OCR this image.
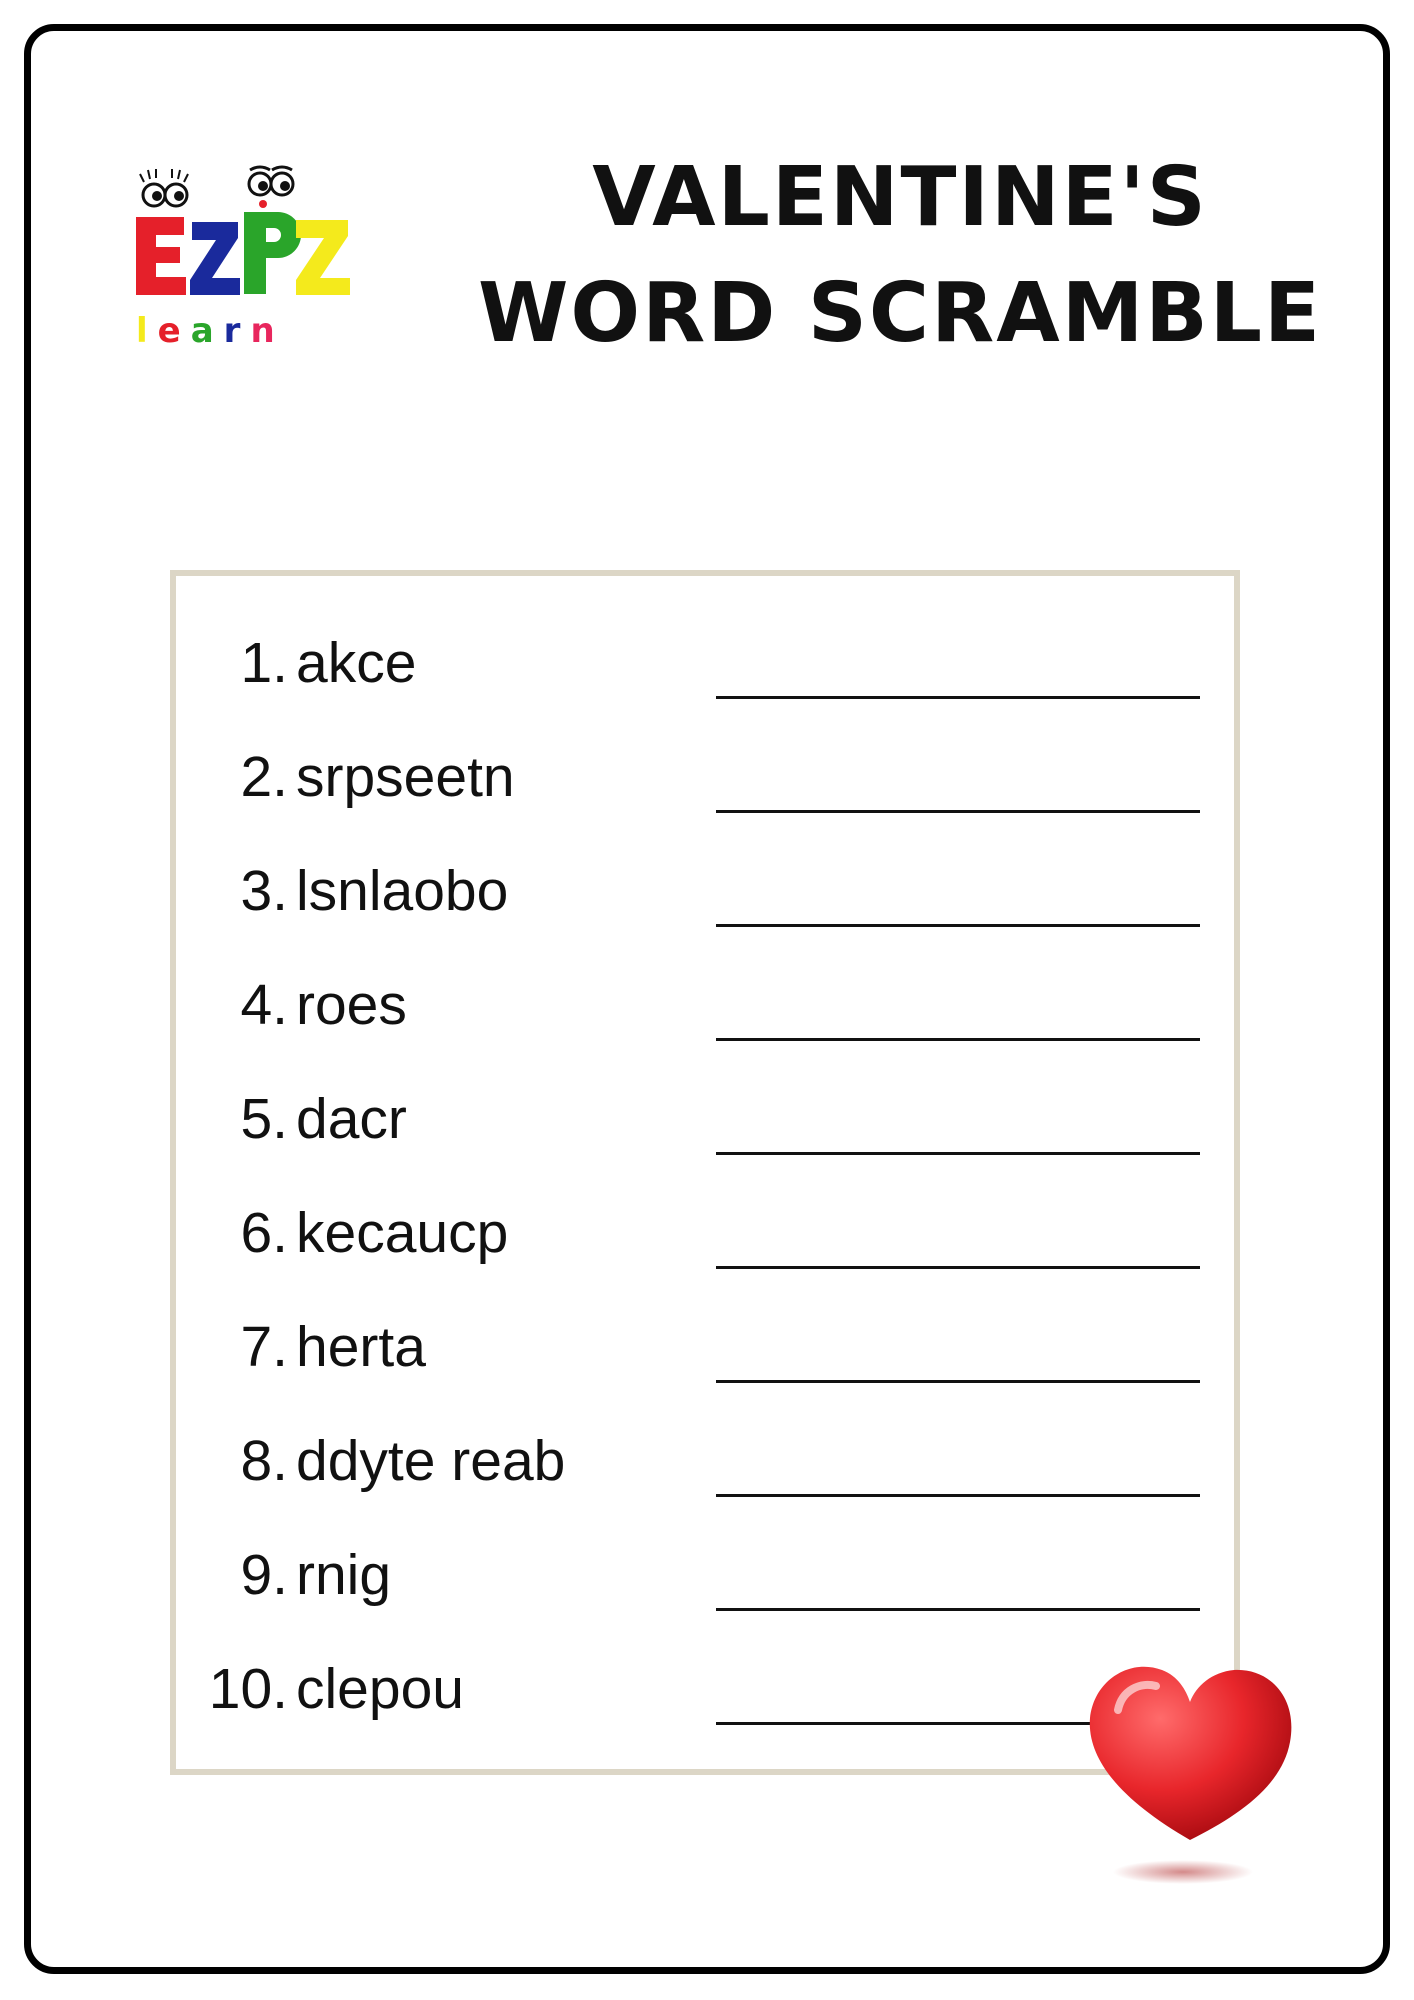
learn
VALENTINE'S
WORD SCRAMBLE
1. akce
2. srpseetn
3. lsnlaobo
4. roes
5. dacr
6. kecaucp
7. herta
8. ddyte reab
9. rnig
10. clepou
